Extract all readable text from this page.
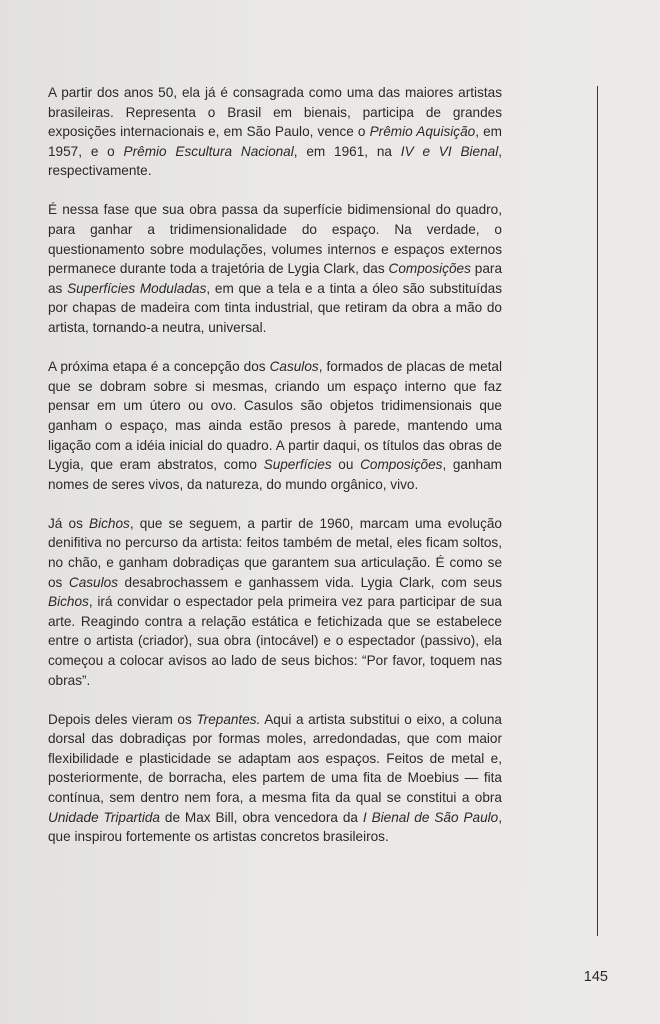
A partir dos anos 50, ela já é consagrada como uma das maiores artistas brasileiras. Representa o Brasil em bienais, participa de grandes exposições internacionais e, em São Paulo, vence o Prêmio Aquisição, em 1957, e o Prêmio Escultura Nacional, em 1961, na IV e VI Bienal, respectivamente.

É nessa fase que sua obra passa da superfície bidimensional do quadro, para ganhar a tridimensionalidade do espaço. Na verdade, o questionamento sobre modulações, volumes internos e espaços externos permanece durante toda a trajetória de Lygia Clark, das Composições para as Superfícies Moduladas, em que a tela e a tinta a óleo são substituídas por chapas de madeira com tinta industrial, que retiram da obra a mão do artista, tornando-a neutra, universal.

A próxima etapa é a concepção dos Casulos, formados de placas de metal que se dobram sobre si mesmas, criando um espaço interno que faz pensar em um útero ou ovo. Casulos são objetos tridimensionais que ganham o espaço, mas ainda estão presos à parede, mantendo uma ligação com a idéia inicial do quadro. A partir daqui, os títulos das obras de Lygia, que eram abstratos, como Superfícies ou Composições, ganham nomes de seres vivos, da natureza, do mundo orgânico, vivo.

Já os Bichos, que se seguem, a partir de 1960, marcam uma evolução denifitiva no percurso da artista: feitos também de metal, eles ficam soltos, no chão, e ganham dobradiças que garantem sua articulação. É como se os Casulos desabrochassem e ganhassem vida. Lygia Clark, com seus Bichos, irá convidar o espectador pela primeira vez para participar de sua arte. Reagindo contra a relação estática e fetichizada que se estabelece entre o artista (criador), sua obra (intocável) e o espectador (passivo), ela começou a colocar avisos ao lado de seus bichos: “Por favor, toquem nas obras”.

Depois deles vieram os Trepantes. Aqui a artista substitui o eixo, a coluna dorsal das dobradiças por formas moles, arredondadas, que com maior flexibilidade e plasticidade se adaptam aos espaços. Feitos de metal e, posteriormente, de borracha, eles partem de uma fita de Moebius — fita contínua, sem dentro nem fora, a mesma fita da qual se constitui a obra Unidade Tripartida de Max Bill, obra vencedora da I Bienal de São Paulo, que inspirou fortemente os artistas concretos brasileiros.

145
